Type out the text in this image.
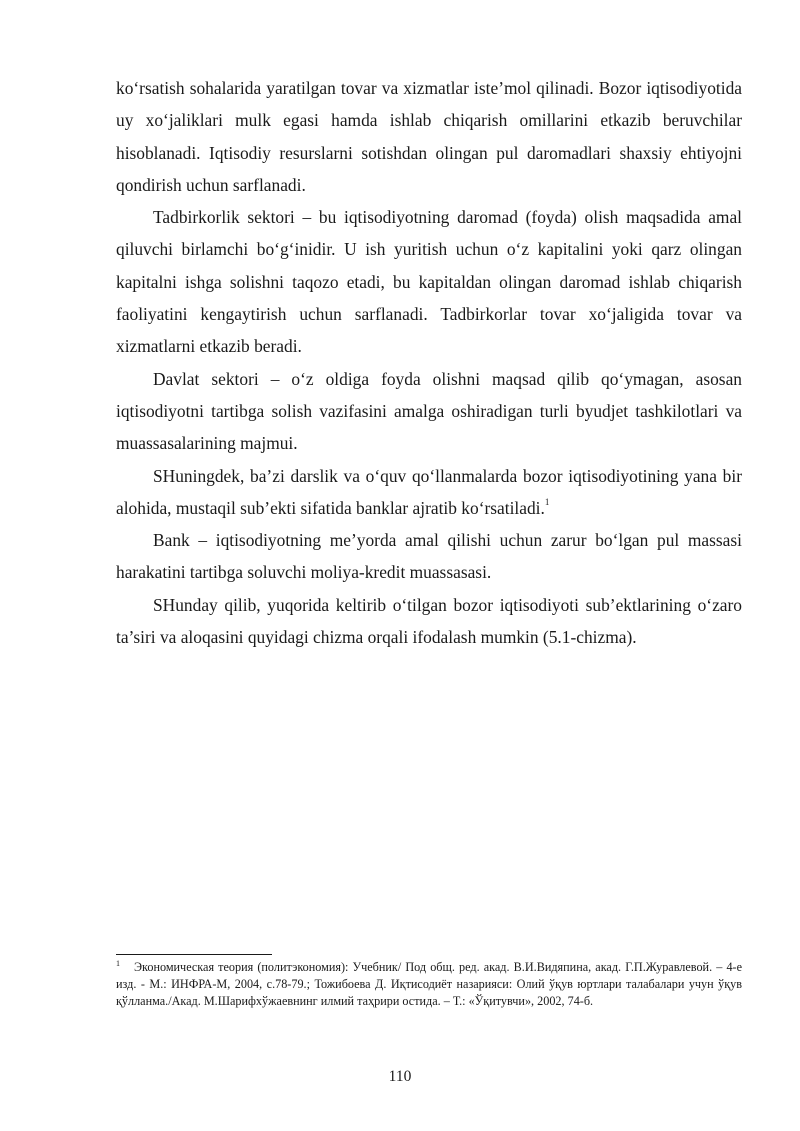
ko‘rsatish sohalarida yaratilgan tovar va xizmatlar iste’mol qilinadi. Bozor iqtisodiyotida uy xo‘jaliklari mulk egasi hamda ishlab chiqarish omillarini etkazib beruvchilar hisoblanadi. Iqtisodiy resurslarni sotishdan olingan pul daromadlari shaxsiy ehtiyojni qondirish uchun sarflanadi.

Tadbirkorlik sektori – bu iqtisodiyotning daromad (foyda) olish maqsadida amal qiluvchi birlamchi bo‘g‘inidir. U ish yuritish uchun o‘z kapitalini yoki qarz olingan kapitalni ishga solishni taqozo etadi, bu kapitaldan olingan daromad ishlab chiqarish faoliyatini kengaytirish uchun sarflanadi. Tadbirkorlar tovar xo‘jaligida tovar va xizmatlarni etkazib beradi.

Davlat sektori – o‘z oldiga foyda olishni maqsad qilib qo‘ymagan, asosan iqtisodiyotni tartibga solish vazifasini amalga oshiradigan turli byudjet tashkilotlari va muassasalarining majmui.

SHuningdek, ba’zi darslik va o‘quv qo‘llanmalarda bozor iqtisodiyotining yana bir alohida, mustaqil sub’ekti sifatida banklar ajratib ko‘rsatiladi.$^1$

Bank – iqtisodiyotning me’yorda amal qilishi uchun zarur bo‘lgan pul massasi harakatini tartibga soluvchi moliya-kredit muassasasi.

SHunday qilib, yuqorida keltirib o‘tilgan bozor iqtisodiyoti sub’ektlarining o‘zaro ta’siri va aloqasini quyidagi chizma orqali ifodalash mumkin (5.1-chizma).

$^1$ Экономическая теория (политэкономия): Учебник/ Под общ. ред. акад. В.И.Видяпина, акад. Г.П.Журавлевой. – 4-е изд. - М.: ИНФРА-М, 2004, с.78-79.; Тожибоева Д. Иқтисодиёт назарияси: Олий ўқув юртлари талабалари учун ўқув қўлланма./Акад. М.Шарифхўжаевнинг илмий таҳрири остида. – Т.: «Ўқитувчи», 2002, 74-б.

110
